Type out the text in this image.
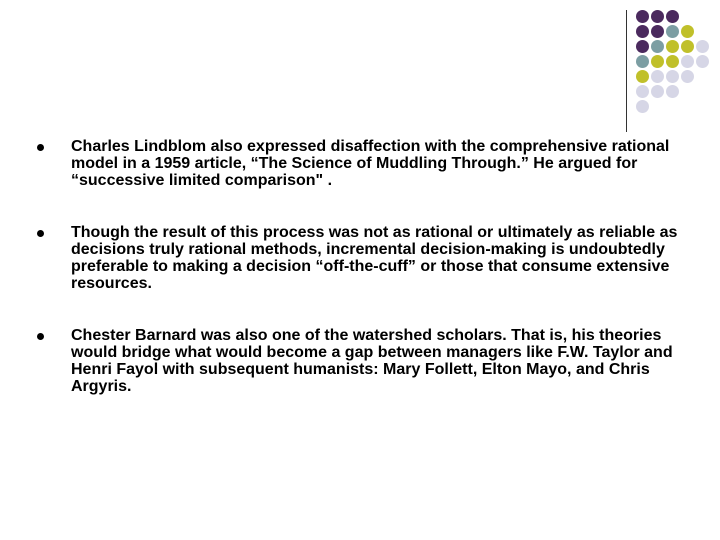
Charles Lindblom also expressed disaffection with the comprehensive rational model in a 1959 article, “The Science of Muddling Through.” He argued for “successive limited comparison" .
Though the result of this process was not as rational or ultimately as reliable as decisions truly rational methods, incremental decision-making is undoubtedly preferable to making a decision “off-the-cuff” or those that consume extensive resources.
Chester Barnard was also one of the watershed scholars. That is, his theories would bridge what would become a gap between managers like F.W. Taylor and Henri Fayol with subsequent humanists: Mary Follett, Elton Mayo, and Chris Argyris.
